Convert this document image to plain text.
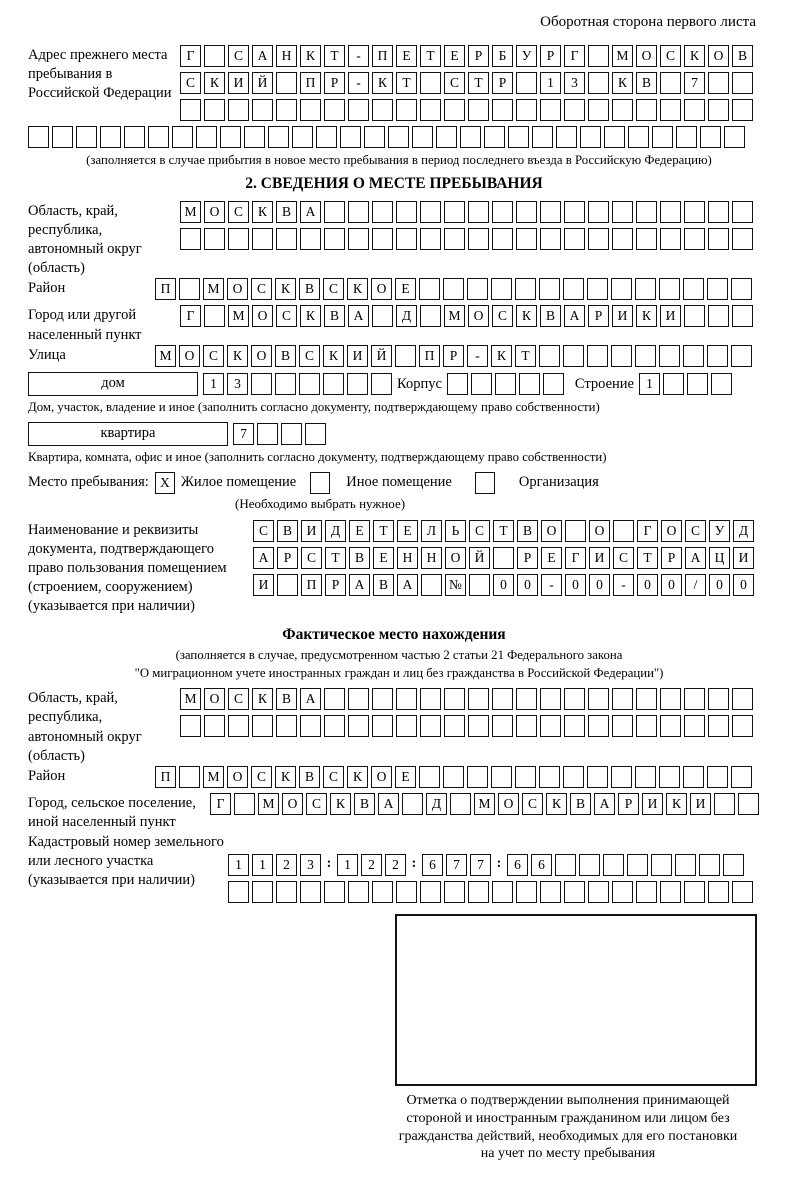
Оборотная сторона первого листа
Адрес прежнего места пребывания в Российской Федерации
Г	С	А	Н	К	Т	-	П	Е	Т	Е	Р	Б	У	Р	Г	М О	С	К	О	В
С	К	И	Й	П	Р	-	К	Т	С	Т	Р	1	3	К	В	7
(заполняется в случае прибытия в новое место пребывания в период последнего въезда в Российскую Федерацию)
2. СВЕДЕНИЯ О МЕСТЕ ПРЕБЫВАНИЯ
Область, край, республика, автономный округ (область)
М О	С	К	В	А
Район	П	М О	С	К	В	С	К	О	Е
Город или другой населенный пункт
Г	М О	С	К	В	А	Д	М О	С	К	В	А	Р	И	К	И
Улица	М О	С	К	О	В	С	К	И	Й	П	Р	-	К	Т
дом	1	3	Корпус	Строение 1
Дом, участок, владение и иное (заполнить согласно документу, подтверждающему право собственности)
квартира	7
Квартира, комната, офис и иное (заполнить согласно документу, подтверждающему право собственности)
Место пребывания: X Жилое помещение	Иное помещение	Организация
(Необходимо выбрать нужное)
Наименование и реквизиты документа, подтверждающего право пользования помещением (строением, сооружением) (указывается при наличии)
С	В	И	Д	Е	Т	Е	Л	Ь	С	Т	В	О	О	Г	О	С	У	Д
А	Р	С	Т	В	Е	Н	Н	О	Й	Р	Е	Г	И	С	Т	Р	А	Ц	И
И	П	Р	А	В	А	№	0	0	-	0	0	-	0	0	/	0	0
Фактическое место нахождения
(заполняется в случае, предусмотренном частью 2 статьи 21 Федерального закона
"О миграционном учете иностранных граждан и лиц без гражданства в Российской Федерации")
Область, край, республика, автономный округ (область)
М О	С	К	В	А
Район	П	М О	С	К	В	С	К	О	Е
Город, сельское поселение, иной населенный пункт
Г	М О	С	К	В	А	Д	М О	С	К	В	А	Р	И	К	И
Кадастровый номер земельного или лесного участка (указывается при наличии)
1	1	2	3 : 1	2	2 : 6	7	7 : 6	6
Отметка о подтверждении выполнения принимающей
стороной и иностранным гражданином или лицом без
гражданства действий, необходимых для его постановки
на учет по месту пребывания
